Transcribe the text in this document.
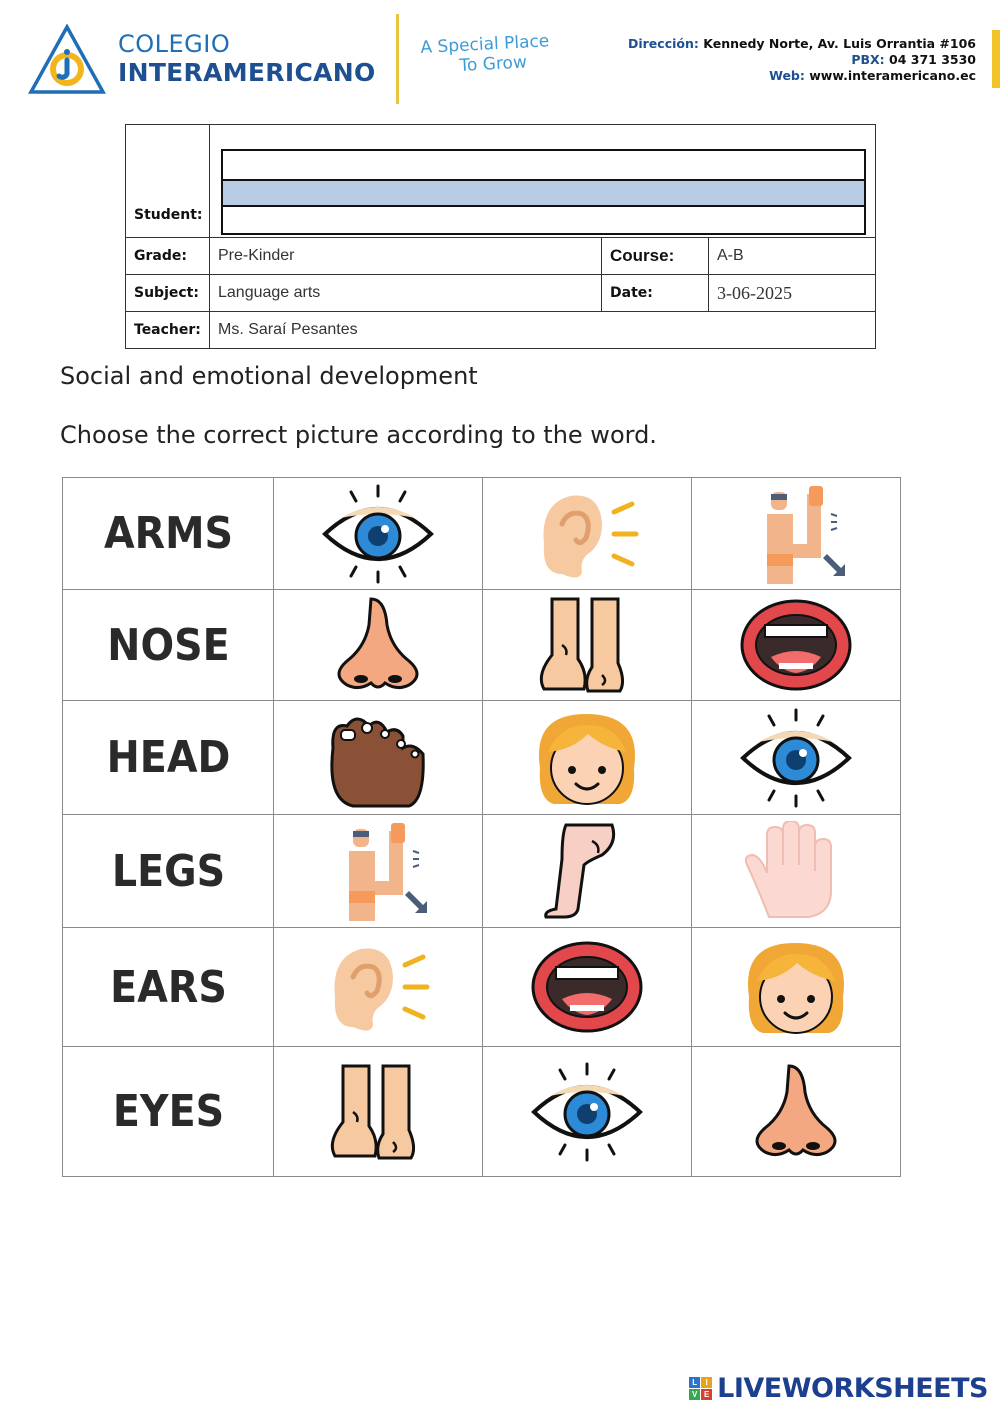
COLEGIO
INTERAMERICANO
A Special Place
To Grow
Dirección: Kennedy Norte, Av. Luis Orrantia #106
PBX: 04 371 3530
Web: www.interamericano.ec
Student:			

Grade:	Pre-Kinder	Course:	A-B
Subject:	Language arts	Date:	3-06-2025
Teacher:	Ms. Saraí Pesantes		
Social and emotional development
Choose the correct picture according to the word.
ARMS	

NOSE	

HEAD	

LEGS	

EARS	

EYES	

L	I
V E LIVEWORKSHEETS
